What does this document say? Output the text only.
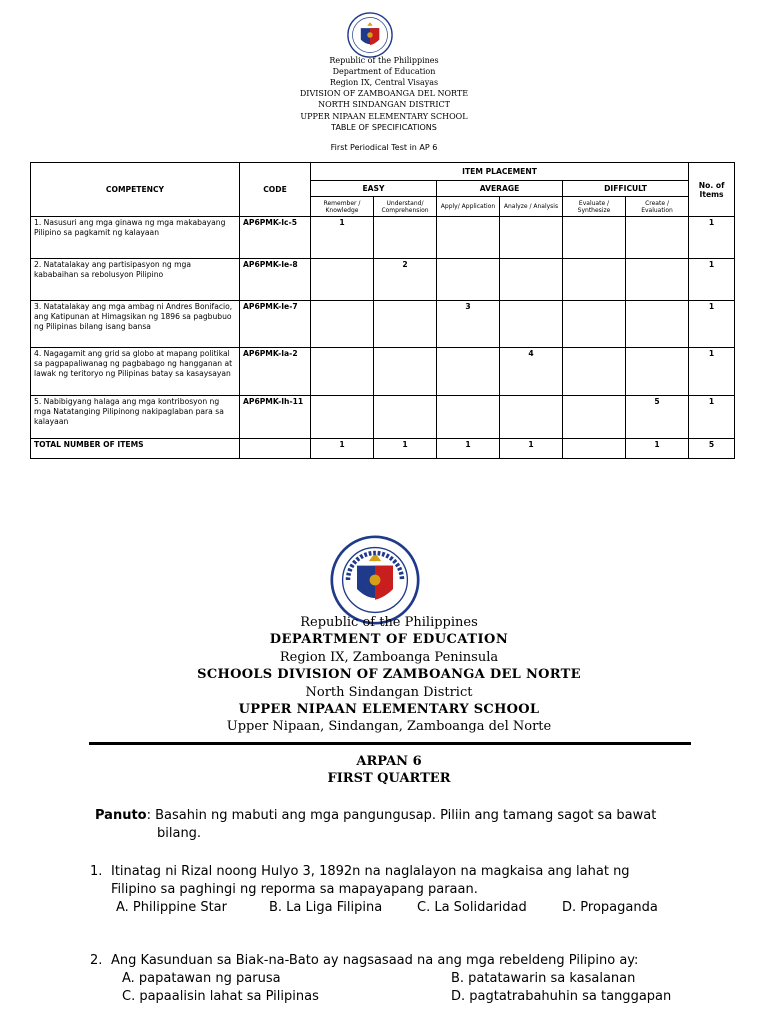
Republic of the Philippines
Department of Education
Region IX, Central Visayas
DIVISION OF ZAMBOANGA DEL NORTE
NORTH SINDANGAN DISTRICT
UPPER NIPAAN ELEMENTARY SCHOOL
TABLE OF SPECIFICATIONS
First Periodical Test in AP 6
COMPETENCY	CODE	ITEM PLACEMENT						No. of Items
		EASY		AVERAGE		DIFFICULT		
		Remember / Knowledge	Understand/ Comprehension	Apply/ Application	Analyze / Analysis	Evaluate / Synthesize	Create / Evaluation	
1. Nasusuri ang mga ginawa ng mga makabayang Pilipino sa pagkamit ng kalayaan	AP6PMK-Ic-5	1						1
2. Natatalakay ang partisipasyon ng mga kababaihan sa rebolusyon Pilipino	AP6PMK-Ie-8		2					1
3. Natatalakay ang mga ambag ni Andres Bonifacio, ang Katipunan at Himagsikan ng 1896 sa pagbubuo ng Pilipinas bilang isang bansa	AP6PMK-Ie-7			3				1
4. Nagagamit ang grid sa globo at mapang politikal sa pagpapaliwanag ng pagbabago ng hangganan at lawak ng teritoryo ng Pilipinas batay sa kasaysayan	AP6PMK-Ia-2				4			1
5. Nabibigyang halaga ang mga kontribosyon ng mga Natatanging Pilipinong nakipaglaban para sa kalayaan	AP6PMK-Ih-11						5	1
TOTAL NUMBER OF ITEMS		1	1	1	1		1	5
Republic of the Philippines
DEPARTMENT OF EDUCATION
Region IX, Zamboanga Peninsula
SCHOOLS DIVISION OF ZAMBOANGA DEL NORTE
North Sindangan District
UPPER NIPAAN ELEMENTARY SCHOOL
Upper Nipaan, Sindangan, Zamboanga del Norte
ARPAN 6
FIRST QUARTER
Panuto: Basahin ng mabuti ang mga pangungusap. Piliin ang tamang sagot sa bawat
bilang.
1. Itinatag ni Rizal noong Hulyo 3, 1892n na naglalayon na magkaisa ang lahat ng
Filipino sa paghingi ng reporma sa mapayapang paraan.
A. Philippine Star	B. La Liga Filipina	C. La Solidaridad	D. Propaganda
2. Ang Kasunduan sa Biak-na-Bato ay nagsasaad na ang mga rebeldeng Pilipino ay:
A. papatawan ng parusa	B. patatawarin sa kasalanan
C. papaalisin lahat sa Pilipinas	D. pagtatrabahuhin sa tanggapan
